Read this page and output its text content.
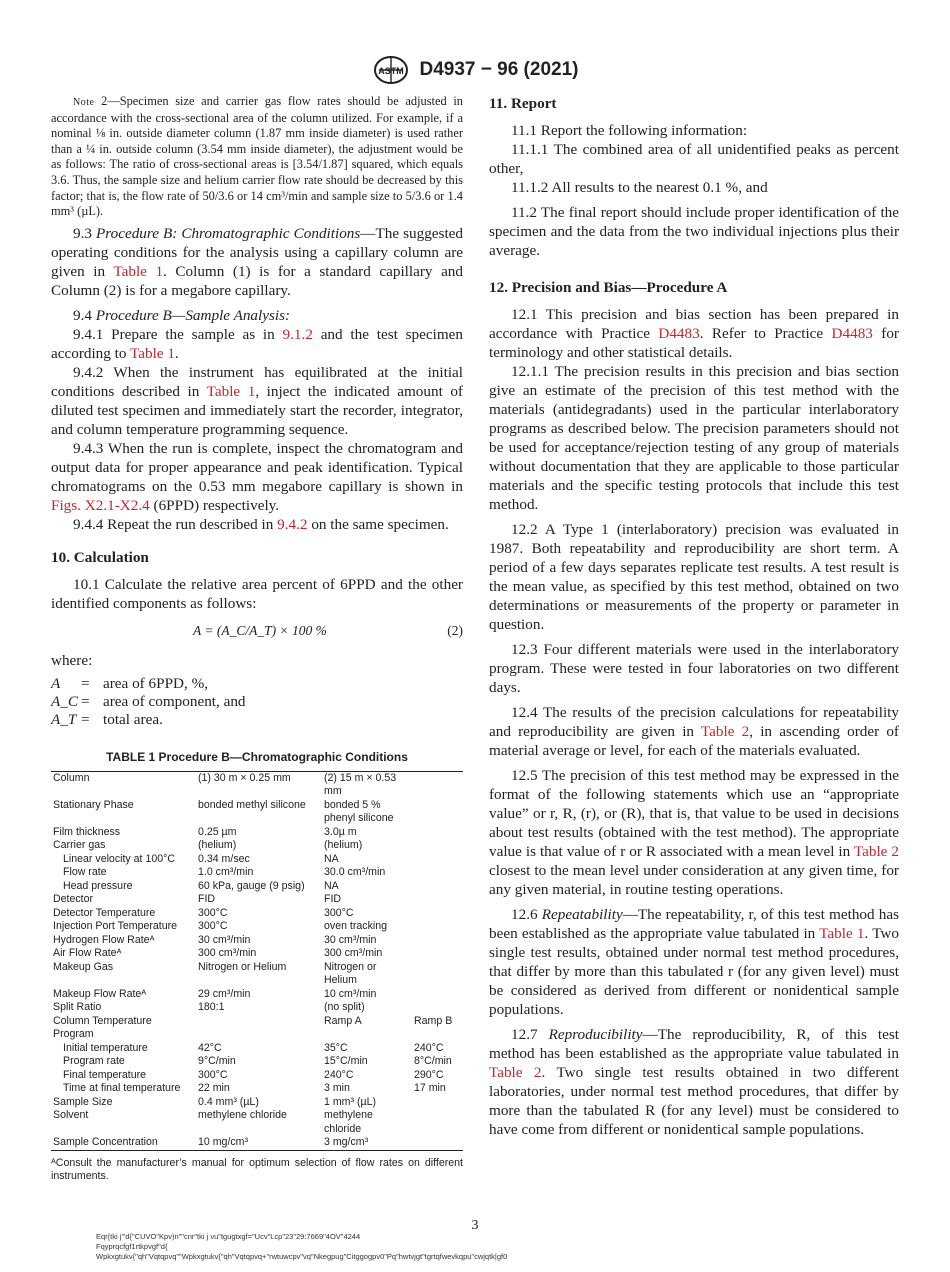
ASTM D4937 − 96 (2021)

Note 2—Specimen size and carrier gas flow rates should be adjusted in accordance with the cross-sectional area of the column utilized. For example, if a nominal ⅛ in. outside diameter column (1.87 mm inside diameter) is used rather than a ¼ in. outside column (3.54 mm inside diameter), the adjustment would be as follows: The ratio of cross-sectional areas is [3.54/1.87] squared, which equals 3.6. Thus, the sample size and helium carrier flow rate should be decreased by this factor; that is, the flow rate of 50/3.6 or 14 cm³/min and sample size to 5/3.6 or 1.4 mm³ (µL).

9.3 Procedure B: Chromatographic Conditions—The suggested operating conditions for the analysis using a capillary column are given in Table 1. Column (1) is for a standard capillary and Column (2) is for a megabore capillary.

9.4 Procedure B—Sample Analysis:

9.4.1 Prepare the sample as in 9.1.2 and the test specimen according to Table 1.

9.4.2 When the instrument has equilibrated at the initial conditions described in Table 1, inject the indicated amount of diluted test specimen and immediately start the recorder, integrator, and column temperature programming sequence.

9.4.3 When the run is complete, inspect the chromatogram and output data for proper appearance and peak identification. Typical chromatograms on the 0.53 mm megabore capillary is shown in Figs. X2.1-X2.4 (6PPD) respectively.

9.4.4 Repeat the run described in 9.4.2 on the same specimen.

10. Calculation

10.1 Calculate the relative area percent of 6PPD and the other identified components as follows:

A = (A_C/A_T) × 100 %	(2)

where:

A = area of 6PPD, %,
A_C = area of component, and
A_T = total area.
TABLE 1 Procedure B—Chromatographic Conditions
Column	(1) 30 m × 0.25 mm	(2) 15 m × 0.53 mm	
Stationary Phase	bonded methyl silicone	bonded 5 % phenyl silicone	
Film thickness	0.25 µm	3.0µ m	
Carrier gas	(helium)	(helium)	
Linear velocity at 100°C	0.34 m/sec	NA	
Flow rate	1.0 cm³/min	30.0 cm³/min	
Head pressure	60 kPa, gauge (9 psig)	NA	
Detector	FID	FID	
Detector Temperature	300°C	300°C	
Injection Port Temperature	300°C	oven tracking	
Hydrogen Flow Rateᴬ	30 cm³/min	30 cm³/min	
Air Flow Rateᴬ	300 cm³/min	300 cm³/min	
Makeup Gas	Nitrogen or Helium	Nitrogen or Helium	
Makeup Flow Rateᴬ	29 cm³/min	10 cm³/min	
Split Ratio	180:1	(no split)	
Column Temperature Program		Ramp A	Ramp B
Initial temperature	42°C	35°C	240°C
Program rate	9°C/min	15°C/min	8°C/min
Final temperature	300°C	240°C	290°C
Time at final temperature	22 min	3 min	17 min
Sample Size	0.4 mm³ (µL)	1 mm³ (µL)	
Solvent	methylene chloride	methylene chloride	
Sample Concentration	10 mg/cm³	3 mg/cm³	
ᴬConsult the manufacturer’s manual for optimum selection of flow rates on different instruments.
11. Report

11.1 Report the following information:

11.1.1 The combined area of all unidentified peaks as percent other,

11.1.2 All results to the nearest 0.1 %, and

11.2 The final report should include proper identification of the specimen and the data from the two individual injections plus their average.

12. Precision and Bias—Procedure A

12.1 This precision and bias section has been prepared in accordance with Practice D4483. Refer to Practice D4483 for terminology and other statistical details.

12.1.1 The precision results in this precision and bias section give an estimate of the precision of this test method with the materials (antidegradants) used in the particular interlaboratory programs as described below. The precision parameters should not be used for acceptance/rejection testing of any group of materials without documentation that they are applicable to those particular materials and the specific testing protocols that include this test method.

12.2 A Type 1 (interlaboratory) precision was evaluated in 1987. Both repeatability and reproducibility are short term. A period of a few days separates replicate test results. A test result is the mean value, as specified by this test method, obtained on two determinations or measurements of the property or parameter in question.

12.3 Four different materials were used in the interlaboratory program. These were tested in four laboratories on two different days.

12.4 The results of the precision calculations for repeatability and reproducibility are given in Table 2, in ascending order of material average or level, for each of the materials evaluated.

12.5 The precision of this test method may be expressed in the format of the following statements which use an “appropriate value” or r, R, (r), or (R), that is, that value to be used in decisions about test results (obtained with the test method). The appropriate value is that value of r or R associated with a mean level in Table 2 closest to the mean level under consideration at any given time, for any given material, in routine testing operations.

12.6 Repeatability—The repeatability, r, of this test method has been established as the appropriate value tabulated in Table 1. Two single test results, obtained under normal test method procedures, that differ by more than this tabulated r (for any given level) must be considered as derived from different or nonidentical sample populations.

12.7 Reproducibility—The reproducibility, R, of this test method has been established as the appropriate value tabulated in Table 2. Two single test results obtained in two different laboratories, under normal test method procedures, that differ by more than the tabulated R (for any level) must be considered to have come from different or nonidentical sample populations.

3
Eqr{tki j”'d{"CUVO"Kpv)n""cnr"tki j vu"tgugtxgf="Ucv"Lcp"23"29​:76​69"​4OV"4244
Fqyprqcfgf1rtkpvgf"d{
Wpkxgtukv{"qh"Vqtqpvq""Wpkxgtukv{"qh"Vqtqpvq+"rwtuwcpv"vq"Nkegpug"Citggogpv0"Pq"hwtvjgt"tgrtqfwevkqpu"cwjqtk|gf0
